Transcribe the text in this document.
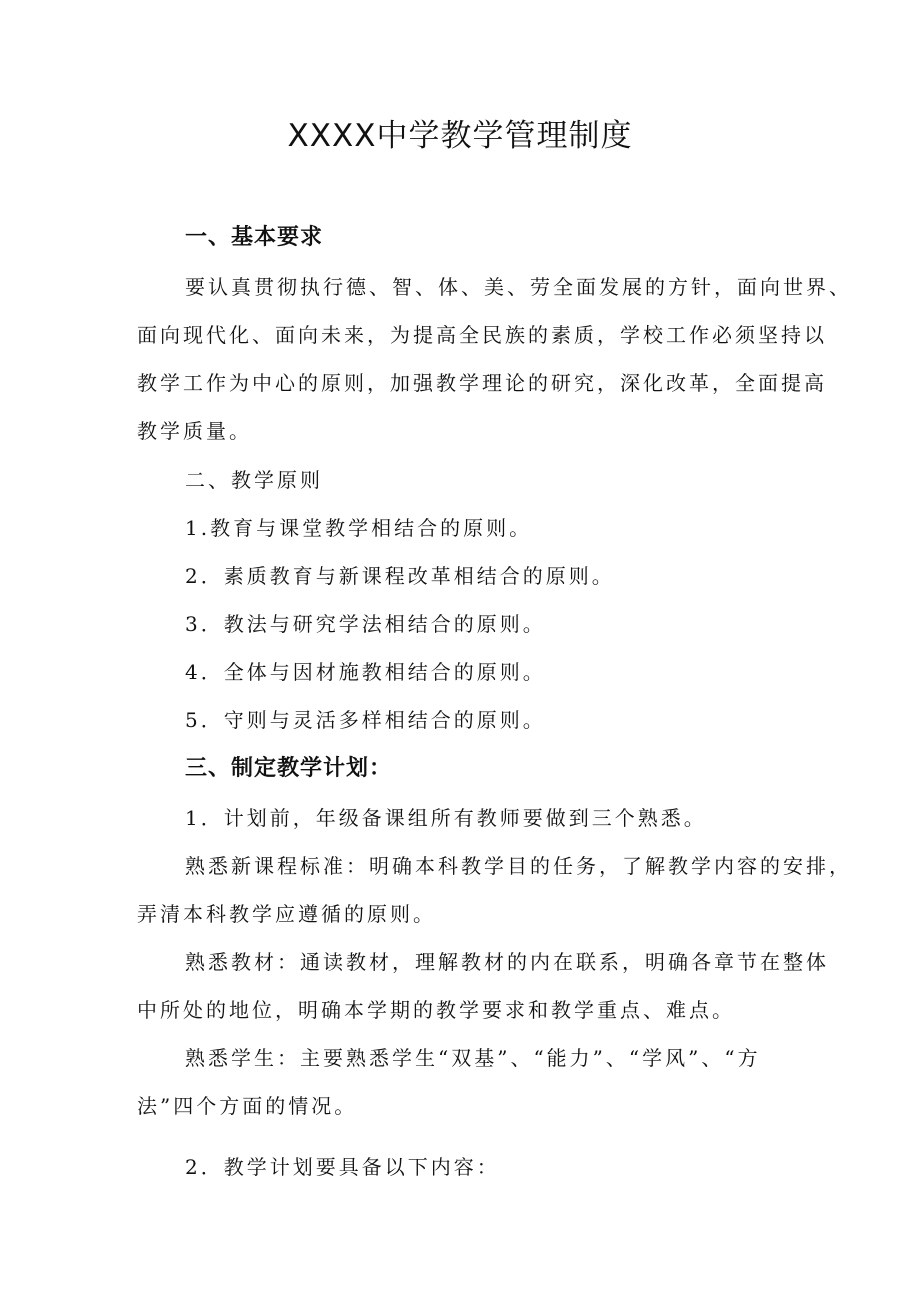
XXXX中学教学管理制度

一、基本要求

要认真贯彻执行德、智、体、美、劳全面发展的方针，面向世界、

面向现代化、面向未来，为提高全民族的素质，学校工作必须坚持以

教学工作为中心的原则，加强教学理论的研究，深化改革，全面提高

教学质量。

二、教学原则

1.教育与课堂教学相结合的原则。

2．素质教育与新课程改革相结合的原则。

3．教法与研究学法相结合的原则。

4．全体与因材施教相结合的原则。

5．守则与灵活多样相结合的原则。

三、制定教学计划：

1．计划前，年级备课组所有教师要做到三个熟悉。

熟悉新课程标准：明确本科教学目的任务，了解教学内容的安排，

弄清本科教学应遵循的原则。

熟悉教材：通读教材，理解教材的内在联系，明确各章节在整体

中所处的地位，明确本学期的教学要求和教学重点、难点。

熟悉学生：主要熟悉学生“双基”、“能力”、“学风”、“方

法”四个方面的情况。

2．教学计划要具备以下内容：
